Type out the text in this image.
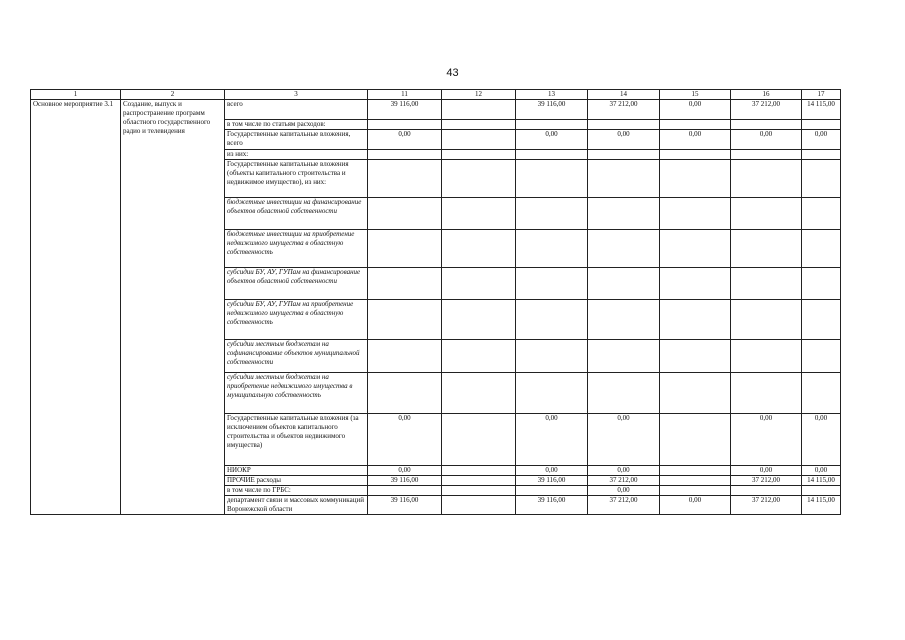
43
1	2	3	11	12	13	14	15	16	17
Основное мероприятие 3.1	Создание, выпуск и распространение программ областного государственного радио и телевидения	всего	39 116,00		39 116,00	37 212,00	0,00	37 212,00	14 115,00
		в том числе по статьям расходов:							
		Государственные капитальные вложения, всего	0,00		0,00	0,00	0,00	0,00	0,00
		из них:							
		Государственные капитальные вложения (объекты капитального строительства и недвижимое имущество), из них:							
		бюджетные инвестиции на финансирование объектов областной собственности							
		бюджетные инвестиции на приобретение недвижимого имущества в областную собственность							
		субсидии БУ, АУ, ГУПам на финансирование объектов областной собственности							
		субсидии БУ, АУ, ГУПам на приобретение недвижимого имущества в областную собственность							
		субсидии местным бюджетам на софинансирование объектов муниципальной собственности							
		субсидии местным бюджетам на приобретение недвижимого имущества в муниципальную собственность							
		Государственные капитальные вложения (за исключением объектов капитального строительства и объектов недвижимого имущества)	0,00		0,00	0,00		0,00	0,00
		НИОКР	0,00		0,00	0,00		0,00	0,00
		ПРОЧИЕ расходы	39 116,00		39 116,00	37 212,00		37 212,00	14 115,00
		в том числе по ГРБС:				0,00			
		департамент связи и массовых коммуникаций Воронежской области	39 116,00		39 116,00	37 212,00	0,00	37 212,00	14 115,00
